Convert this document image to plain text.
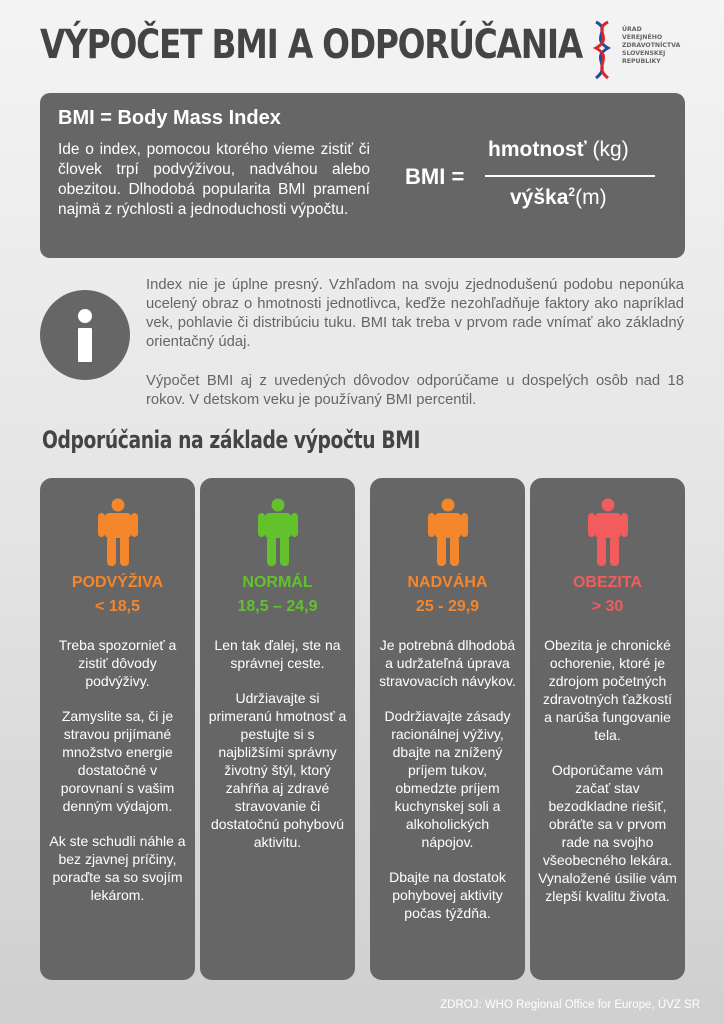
VÝPOČET BMI A ODPORÚČANIA	ÚRAD
VEREJNÉHO
ZDRAVOTNÍCTVA
SLOVENSKEJ
REPUBLIKY
BMI = Body Mass Index
Ide o index, pomocou ktorého vieme zistiť či človek trpí podvýživou, nadváhou alebo obezitou. Dlhodobá popularita BMI pramení najmä z rýchlosti a jednoduchosti výpočtu.
BMI =
hmotnosť (kg)
výška$^2$(m)

Index nie je úplne presný. Vzhľadom na svoju zjednodušenú podobu neponúka ucelený obraz o hmotnosti jednotlivca, keďže nezohľadňuje faktory ako napríklad vek, pohlavie či distribúciu tuku. BMI tak treba v prvom rade vnímať ako základný orientačný údaj.

Výpočet BMI aj z uvedených dôvodov odporúčame u dospelých osôb nad 18 rokov. V detskom veku je používaný BMI percentil.

Odporúčania na základe výpočtu BMI
PODVÝŽIVA
< 18,5

Treba spozornieť a zistiť dôvody podvýživy.

Zamyslite sa, či je stravou prijímané množstvo energie dostatočné v porovnaní s vašim denným výdajom.

Ak ste schudli náhle a bez zjavnej príčiny, poraďte sa so svojím lekárom.

NORMÁL
18,5 – 24,9

Len tak ďalej, ste na správnej ceste.

Udržiavajte si primeranú hmotnosť a pestujte si s najbližšími správny životný štýl, ktorý zahŕňa aj zdravé stravovanie či dostatočnú pohybovú aktivitu.

NADVÁHA
25 - 29,9

Je potrebná dlhodobá a udržateľná úprava stravovacích návykov.

Dodržiavajte zásady racionálnej výživy, dbajte na znížený príjem tukov, obmedzte príjem kuchynskej soli a alkoholických nápojov.

Dbajte na dostatok pohybovej aktivity počas týždňa.

OBEZITA
> 30

Obezita je chronické ochorenie, ktoré je zdrojom početných zdravotných ťažkostí a narúša fungovanie tela.

Odporúčame vám začať stav bezodkladne riešiť, obráťte sa v prvom rade na svojho všeobecného lekára. Vynaložené úsilie vám zlepší kvalitu života.

ZDROJ: WHO Regional Office for Europe, ÚVZ SR
